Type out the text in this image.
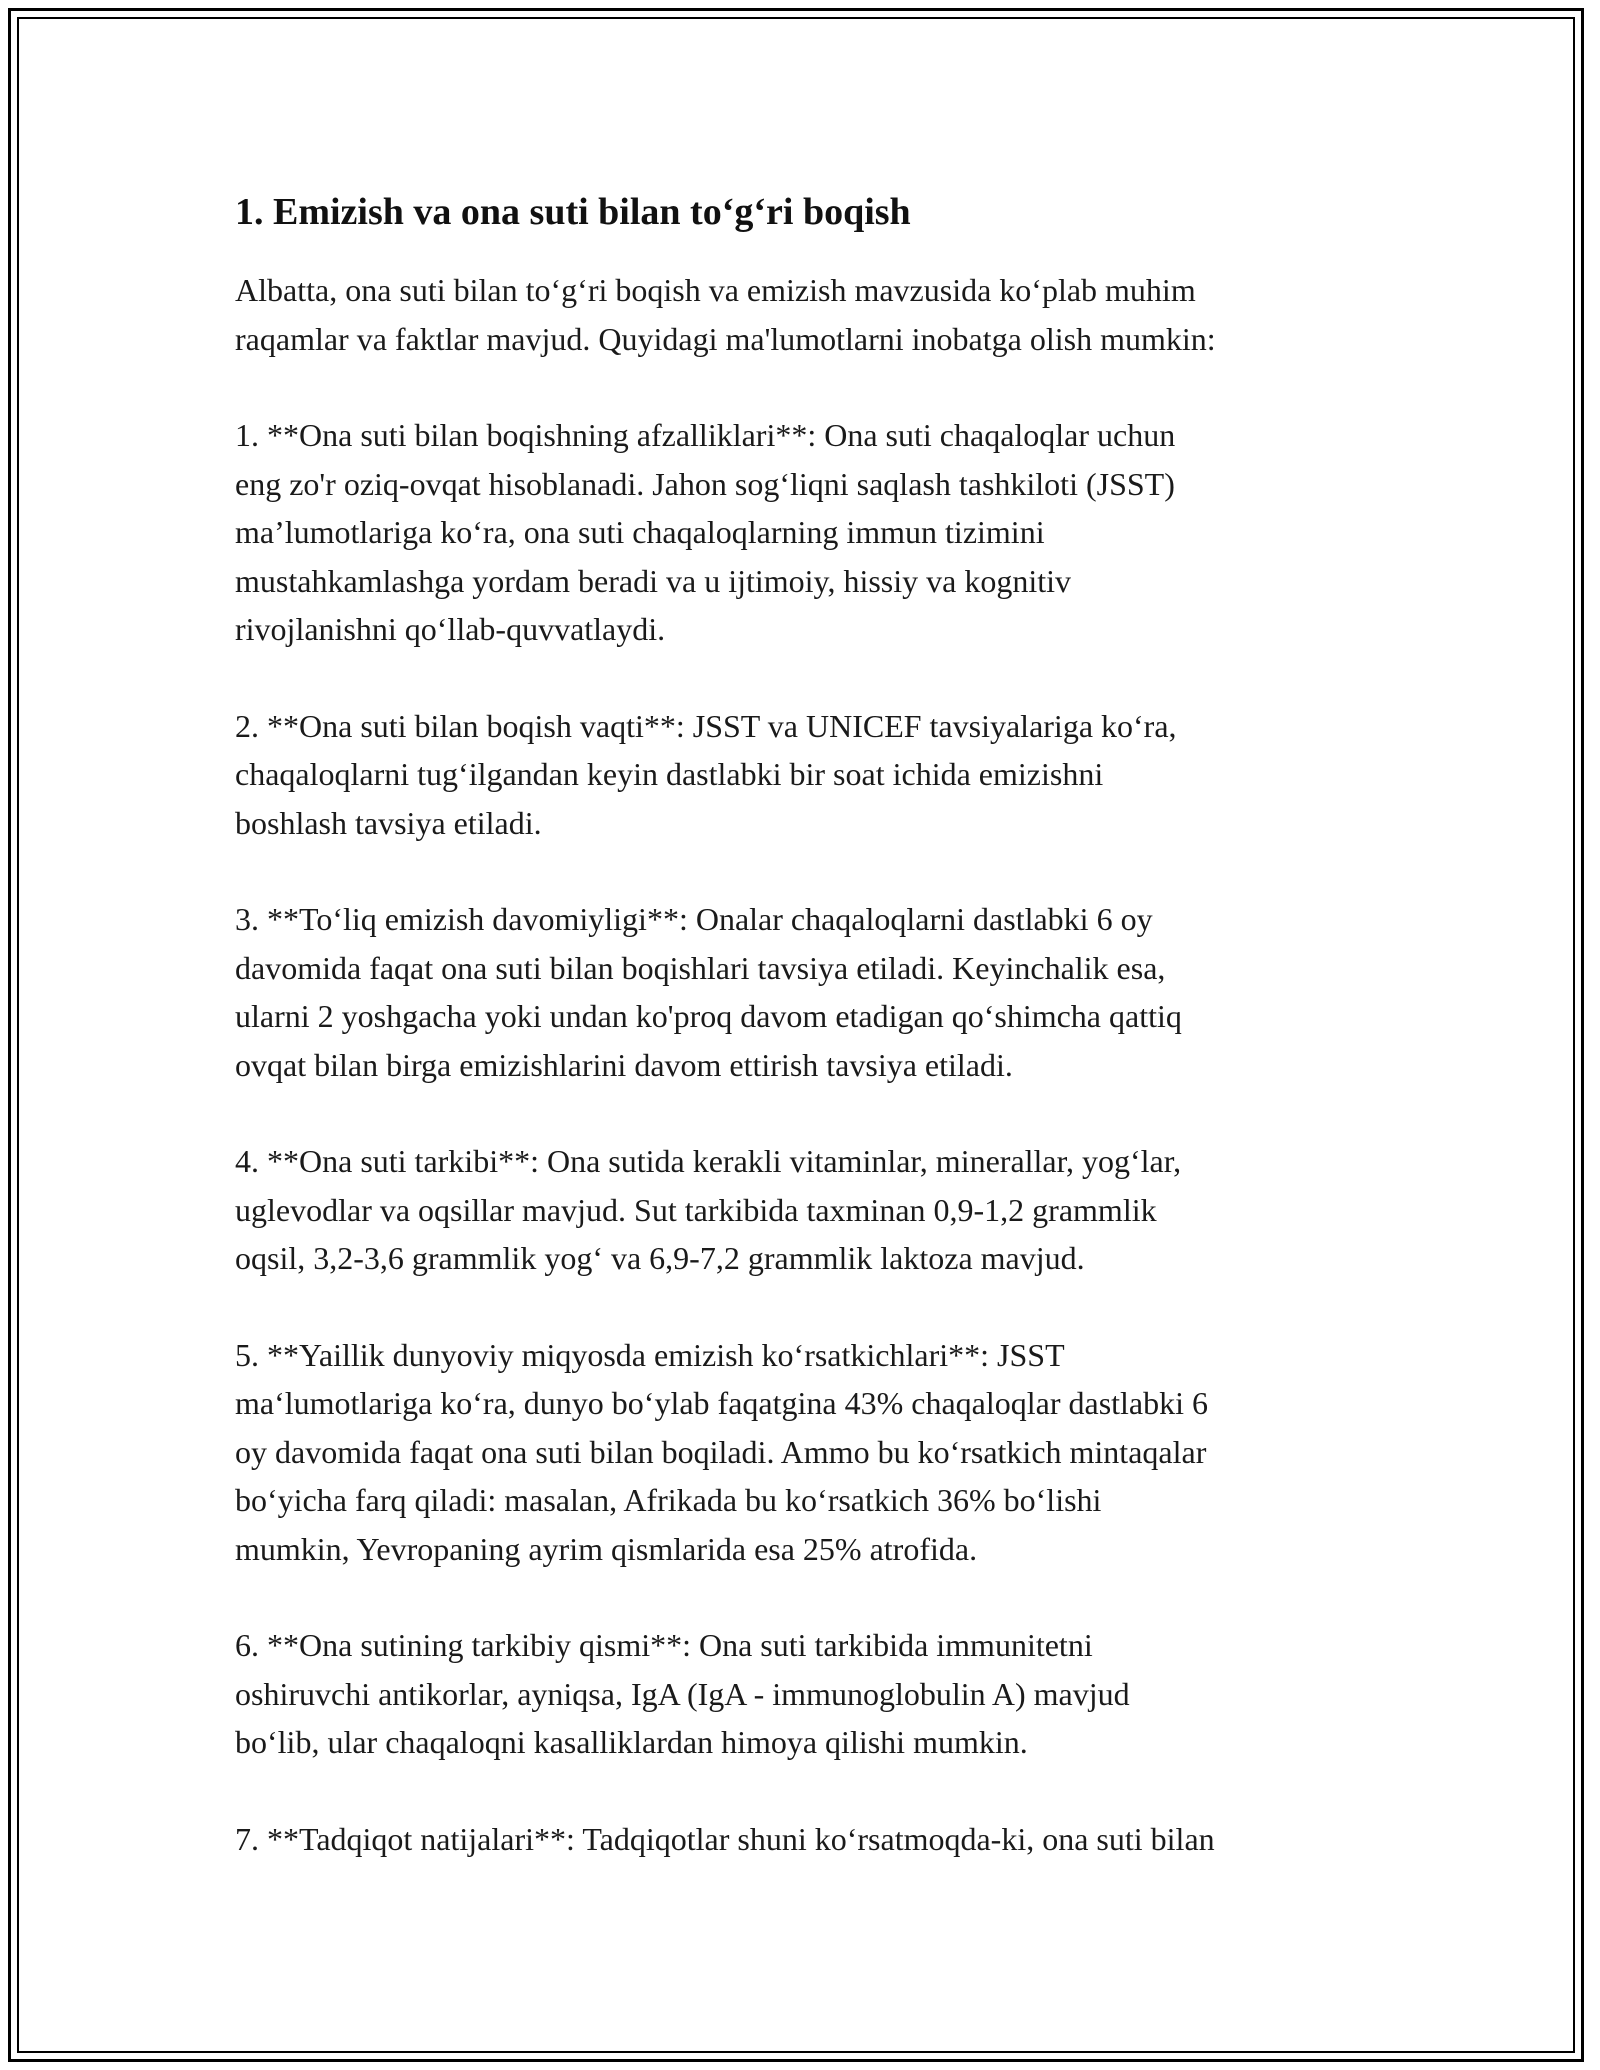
1. Emizish va ona suti bilan to‘g‘ri boqish

Albatta, ona suti bilan to‘g‘ri boqish va emizish mavzusida ko‘plab muhim
raqamlar va faktlar mavjud. Quyidagi ma'lumotlarni inobatga olish mumkin:

1. **Ona suti bilan boqishning afzalliklari**: Ona suti chaqaloqlar uchun
eng zo'r oziq-ovqat hisoblanadi. Jahon sog‘liqni saqlash tashkiloti (JSST)
ma’lumotlariga ko‘ra, ona suti chaqaloqlarning immun tizimini
mustahkamlashga yordam beradi va u ijtimoiy, hissiy va kognitiv
rivojlanishni qo‘llab-quvvatlaydi.

2. **Ona suti bilan boqish vaqti**: JSST va UNICEF tavsiyalariga ko‘ra,
chaqaloqlarni tug‘ilgandan keyin dastlabki bir soat ichida emizishni
boshlash tavsiya etiladi.

3. **To‘liq emizish davomiyligi**: Onalar chaqaloqlarni dastlabki 6 oy
davomida faqat ona suti bilan boqishlari tavsiya etiladi. Keyinchalik esa,
ularni 2 yoshgacha yoki undan ko'proq davom etadigan qo‘shimcha qattiq
ovqat bilan birga emizishlarini davom ettirish tavsiya etiladi.

4. **Ona suti tarkibi**: Ona sutida kerakli vitaminlar, minerallar, yog‘lar,
uglevodlar va oqsillar mavjud. Sut tarkibida taxminan 0,9-1,2 grammlik
oqsil, 3,2-3,6 grammlik yog‘ va 6,9-7,2 grammlik laktoza mavjud.

5. **Yaillik dunyoviy miqyosda emizish ko‘rsatkichlari**: JSST
ma‘lumotlariga ko‘ra, dunyo bo‘ylab faqatgina 43% chaqaloqlar dastlabki 6
oy davomida faqat ona suti bilan boqiladi. Ammo bu ko‘rsatkich mintaqalar
bo‘yicha farq qiladi: masalan, Afrikada bu ko‘rsatkich 36% bo‘lishi
mumkin, Yevropaning ayrim qismlarida esa 25% atrofida.

6. **Ona sutining tarkibiy qismi**: Ona suti tarkibida immunitetni
oshiruvchi antikorlar, ayniqsa, IgA (IgA - immunoglobulin A) mavjud
bo‘lib, ular chaqaloqni kasalliklardan himoya qilishi mumkin.

7. **Tadqiqot natijalari**: Tadqiqotlar shuni ko‘rsatmoqda-ki, ona suti bilan
